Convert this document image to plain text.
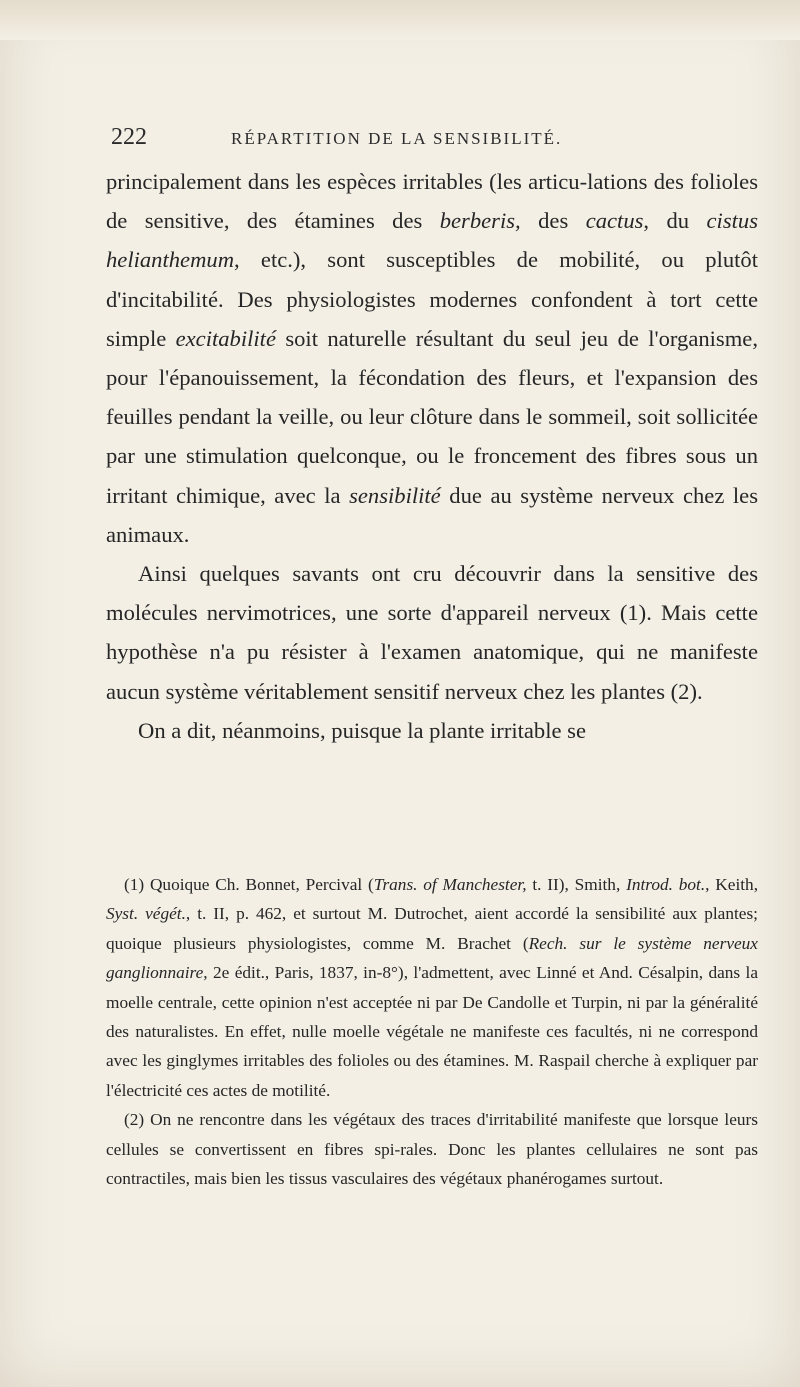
222	RÉPARTITION DE LA SENSIBILITÉ.

principalement dans les espèces irritables (les articu-lations des folioles de sensitive, des étamines des berberis, des cactus, du cistus helianthemum, etc.), sont susceptibles de mobilité, ou plutôt d'incitabilité. Des physiologistes modernes confondent à tort cette simple excitabilité soit naturelle résultant du seul jeu de l'organisme, pour l'épanouissement, la fécondation des fleurs, et l'expansion des feuilles pendant la veille, ou leur clôture dans le sommeil, soit sollicitée par une stimulation quelconque, ou le froncement des fibres sous un irritant chimique, avec la sensibilité due au système nerveux chez les animaux.

Ainsi quelques savants ont cru découvrir dans la sensitive des molécules nervimotrices, une sorte d'appareil nerveux (1). Mais cette hypothèse n'a pu résister à l'examen anatomique, qui ne manifeste aucun système véritablement sensitif nerveux chez les plantes (2).

On a dit, néanmoins, puisque la plante irritable se

(1) Quoique Ch. Bonnet, Percival (Trans. of Manchester, t. II), Smith, Introd. bot., Keith, Syst. végét., t. II, p. 462, et surtout M. Dutrochet, aient accordé la sensibilité aux plantes; quoique plusieurs physiologistes, comme M. Brachet (Rech. sur le système nerveux ganglionnaire, 2e édit., Paris, 1837, in-8°), l'admettent, avec Linné et And. Césalpin, dans la moelle centrale, cette opinion n'est acceptée ni par De Candolle et Turpin, ni par la généralité des naturalistes. En effet, nulle moelle végétale ne manifeste ces facultés, ni ne correspond avec les ginglymes irritables des folioles ou des étamines. M. Raspail cherche à expliquer par l'électricité ces actes de motilité.

(2) On ne rencontre dans les végétaux des traces d'irritabilité manifeste que lorsque leurs cellules se convertissent en fibres spi-rales. Donc les plantes cellulaires ne sont pas contractiles, mais bien les tissus vasculaires des végétaux phanérogames surtout.
